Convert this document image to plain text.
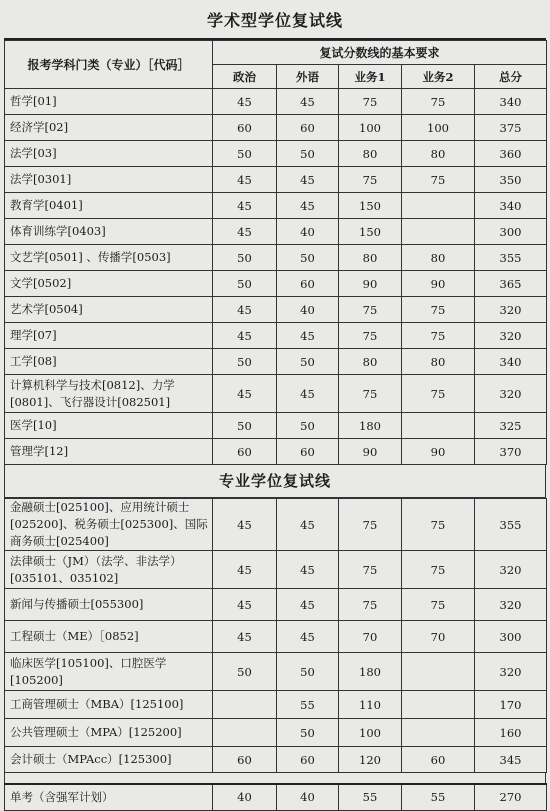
学术型学位复试线
报考学科门类（专业）［代码］	复试分数线的基本要求				
	政治	外语	业务1	业务2	总分
哲学[01]	45	45	75	75	340
经济学[02]	60	60	100	100	375
法学[03]	50	50	80	80	360
法学[0301]	45	45	75	75	350
教育学[0401]	45	45	150		340
体育训练学[0403]	45	40	150		300
文艺学[0501] 、传播学[0503]	50	50	80	80	355
文学[0502]	50	60	90	90	365
艺术学[0504]	45	40	75	75	320
理学[07]	45	45	75	75	320
工学[08]	50	50	80	80	340
计算机科学与技术[0812]、力学[0801]、飞行器设计[082501]	45	45	75	75	320
医学[10]	50	50	180		325
管理学[12]	60	60	90	90	370
专业学位复试线
金融硕士[025100]、应用统计硕士[025200]、税务硕士[025300]、国际商务硕士[025400]	45	45	75	75	355
法律硕士（JM）（法学、非法学）[035101、035102]	45	45	75	75	320
新闻与传播硕士[055300]	45	45	75	75	320
工程硕士（ME）［0852]	45	45	70	70	300
临床医学[105100]、口腔医学[105200]	50	50	180		320
工商管理硕士（MBA）[125100]		55	110		170
公共管理硕士（MPA）[125200]		50	100		160
会计硕士（MPAcc）[125300]	60	60	120	60	345
单考（含强军计划）	40	40	55	55	270
